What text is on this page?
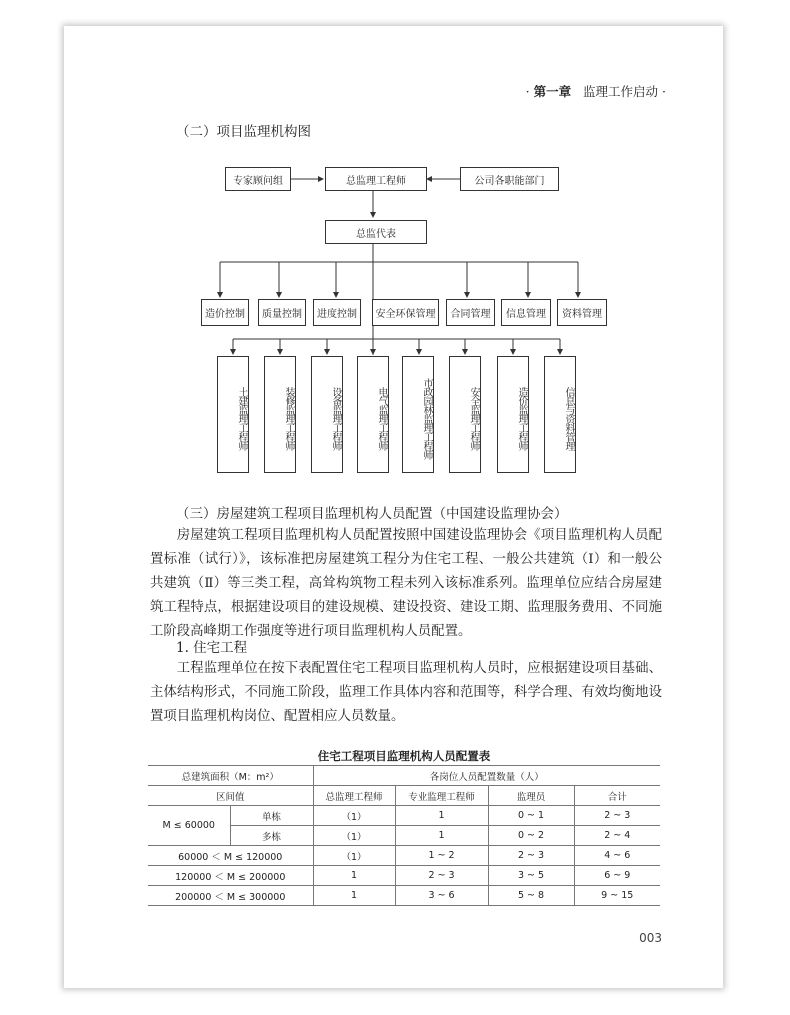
· 第一章 监理工作启动 ·
（二）项目监理机构图
专家顾问组	总监理工程师	公司各职能部门
总监代表
造价控制	质量控制	进度控制	安全环保管理	合同管理	信息管理	资料管理
土建监理工程师	装修监理工程师	设备监理工程师	电气监理工程师	市政园林监理工程师	安全监理工程师	造价监理工程师	信息与资料管理
（三）房屋建筑工程项目监理机构人员配置（中国建设监理协会）

房屋建筑工程项目监理机构人员配置按照中国建设监理协会《项目监理机构人员配置标准（试行）》，该标准把房屋建筑工程分为住宅工程、一般公共建筑（Ⅰ）和一般公共建筑（Ⅱ）等三类工程，高耸构筑物工程未列入该标准系列。监理单位应结合房屋建筑工程特点，根据建设项目的建设规模、建设投资、建设工期、监理服务费用、不同施工阶段高峰期工作强度等进行项目监理机构人员配置。

1. 住宅工程

工程监理单位在按下表配置住宅工程项目监理机构人员时，应根据建设项目基础、主体结构形式，不同施工阶段，监理工作具体内容和范围等，科学合理、有效均衡地设置项目监理机构岗位、配置相应人员数量。

住宅工程项目监理机构人员配置表
总建筑面积（M：m²）		各岗位人员配置数量（人）			
区间值		总监理工程师	专业监理工程师	监理员	合计
M ≤ 60000	单栋	（1）	1	0 ~ 1	2 ~ 3
	多栋	（1）	1	0 ~ 2	2 ~ 4
60000 ＜ M ≤ 120000		（1）	1 ~ 2	2 ~ 3	4 ~ 6
120000 ＜ M ≤ 200000		1	2 ~ 3	3 ~ 5	6 ~ 9
200000 ＜ M ≤ 300000		1	3 ~ 6	5 ~ 8	9 ~ 15
003
